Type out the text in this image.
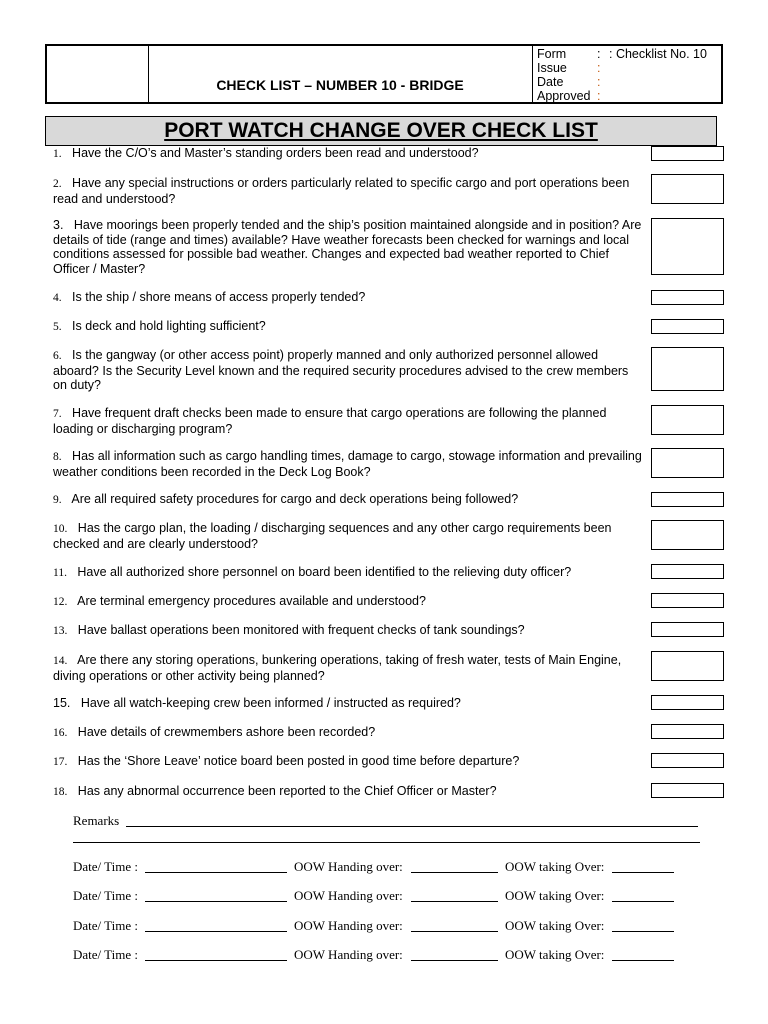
CHECK LIST – NUMBER 10 - BRIDGE
Form : : Checklist No. 10
Issue :
Date	:
Approved :
PORT WATCH CHANGE OVER CHECK LIST
1. Have the C/O’s and Master’s standing orders been read and understood?
2. Have any special instructions or orders particularly related to specific cargo and port operations been read and understood?
3. Have moorings been properly tended and the ship’s position maintained alongside and in position? Are details of tide (range and times) available? Have weather forecasts been checked for warnings and local conditions assessed for possible bad weather. Changes and expected bad weather reported to Chief Officer / Master?
4. Is the ship / shore means of access properly tended?
5. Is deck and hold lighting sufficient?
6. Is the gangway (or other access point) properly manned and only authorized personnel allowed aboard? Is the Security Level known and the required security procedures advised to the crew members on duty?
7. Have frequent draft checks been made to ensure that cargo operations are following the planned loading or discharging program?
8. Has all information such as cargo handling times, damage to cargo, stowage information and prevailing weather conditions been recorded in the Deck Log Book?
9. Are all required safety procedures for cargo and deck operations being followed?
10. Has the cargo plan, the loading / discharging sequences and any other cargo requirements been checked and are clearly understood?
11. Have all authorized shore personnel on board been identified to the relieving duty officer?
12. Are terminal emergency procedures available and understood?
13. Have ballast operations been monitored with frequent checks of tank soundings?
14. Are there any storing operations, bunkering operations, taking of fresh water, tests of Main Engine, diving operations or other activity being planned?
15. Have all watch-keeping crew been informed / instructed as required?
16. Have details of crewmembers ashore been recorded?
17. Has the ‘Shore Leave’ notice board been posted in good time before departure?
18. Has any abnormal occurrence been reported to the Chief Officer or Master?
Remarks
Date/ Time :	OOW Handing over:	OOW taking Over:
Date/ Time :	OOW Handing over:	OOW taking Over:
Date/ Time :	OOW Handing over:	OOW taking Over:
Date/ Time :	OOW Handing over:	OOW taking Over:
